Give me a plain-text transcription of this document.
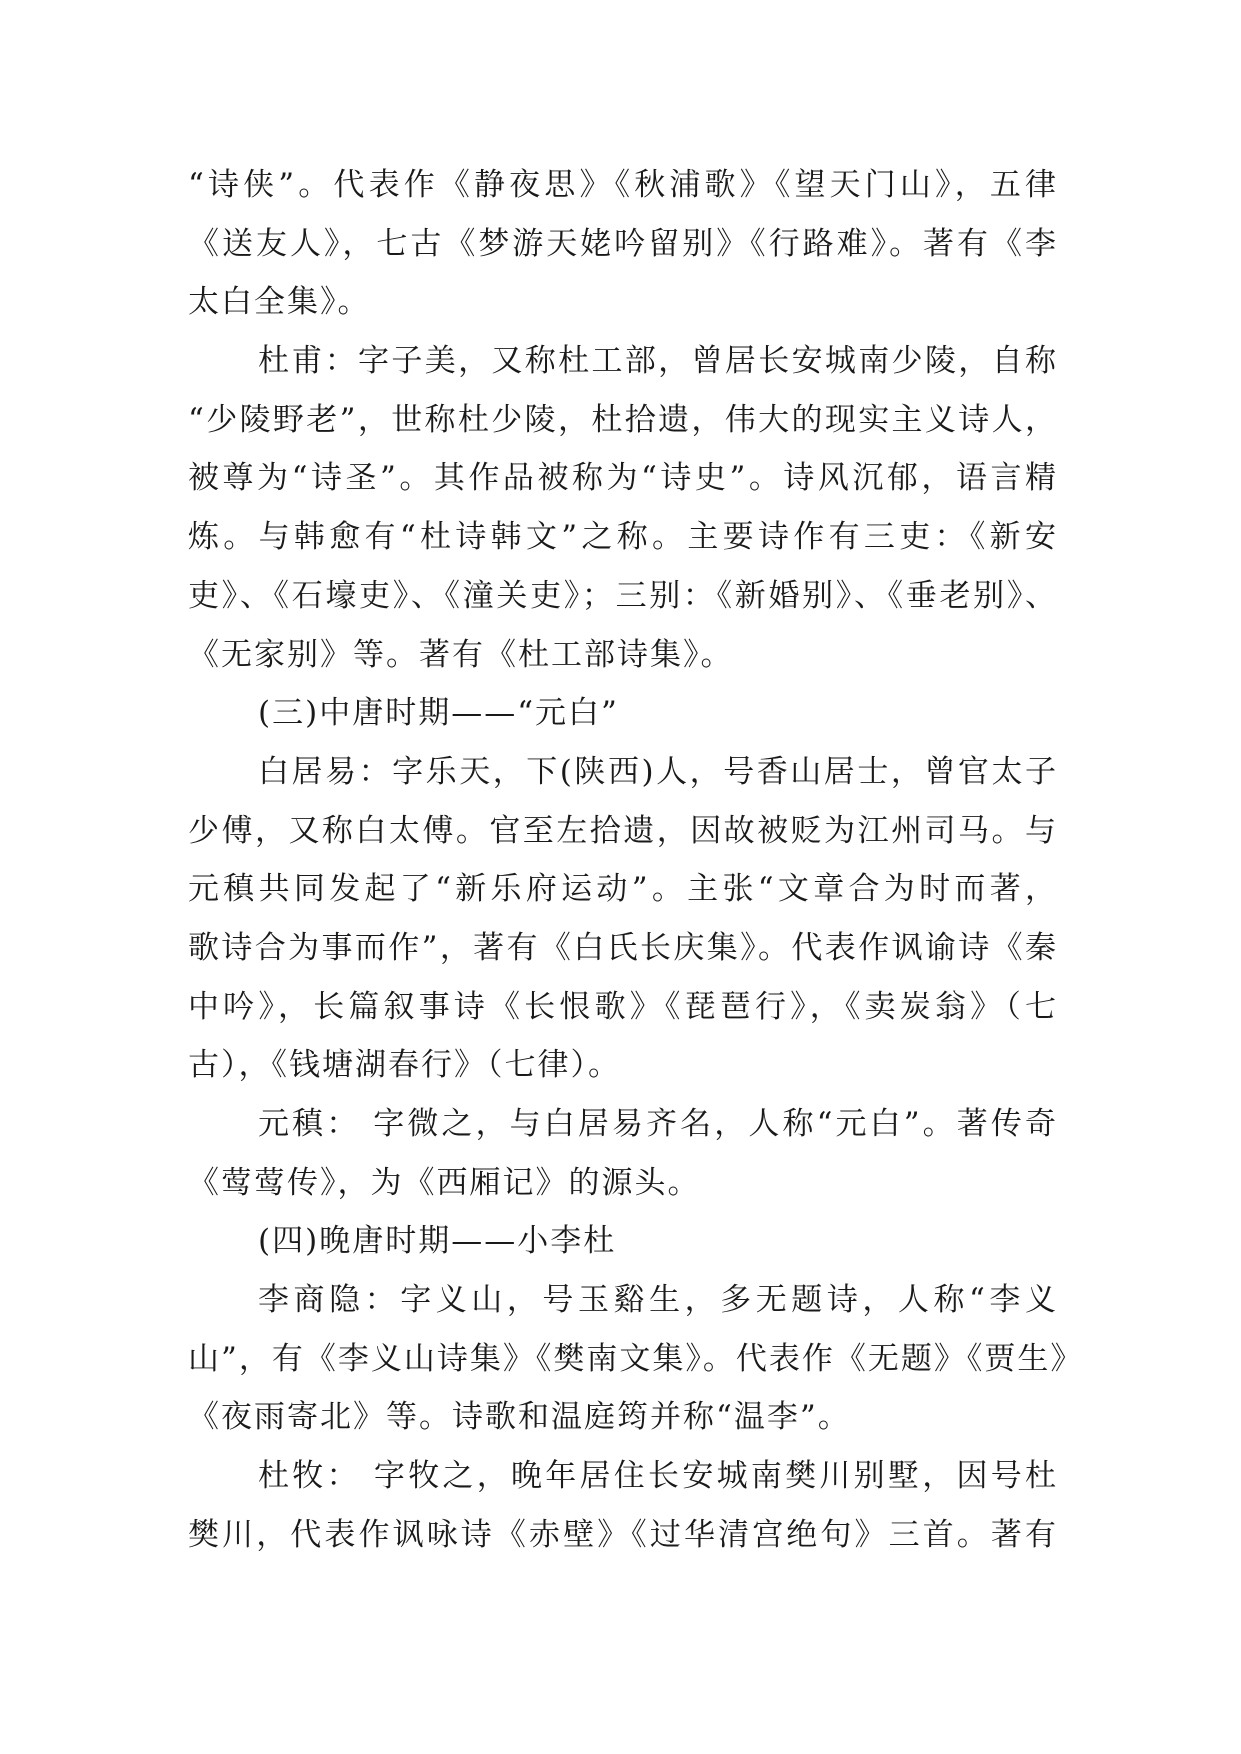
“诗侠”。代表作《静夜思》《秋浦歌》《望天门山》，五律
《送友人》，七古《梦游天姥吟留别》《行路难》。著有《李
太白全集》。
杜甫：字子美，又称杜工部，曾居长安城南少陵，自称
“少陵野老”，世称杜少陵，杜拾遗，伟大的现实主义诗人，
被尊为“诗圣”。其作品被称为“诗史”。诗风沉郁，语言精
炼。与韩愈有“杜诗韩文”之称。主要诗作有三吏：《新安
吏》、《石壕吏》、《潼关吏》；三别：《新婚别》、《垂老别》、
《无家别》等。著有《杜工部诗集》。
(三)中唐时期——“元白”
白居易：字乐天，下(陕西)人，号香山居士，曾官太子
少傅，又称白太傅。官至左拾遗，因故被贬为江州司马。与
元稹共同发起了“新乐府运动”。主张“文章合为时而著，
歌诗合为事而作”，著有《白氏长庆集》。代表作讽谕诗《秦
中吟》，长篇叙事诗《长恨歌》《琵琶行》，《卖炭翁》（七
古），《钱塘湖春行》（七律）。
元稹： 字微之，与白居易齐名，人称“元白”。著传奇
《莺莺传》，为《西厢记》的源头。
(四)晚唐时期——小李杜
李商隐：字义山，号玉谿生，多无题诗，人称“李义
山”，有《李义山诗集》《樊南文集》。代表作《无题》《贾生》
《夜雨寄北》等。诗歌和温庭筠并称“温李”。
杜牧： 字牧之，晚年居住长安城南樊川别墅，因号杜
樊川，代表作讽咏诗《赤壁》《过华清宫绝句》三首。著有
